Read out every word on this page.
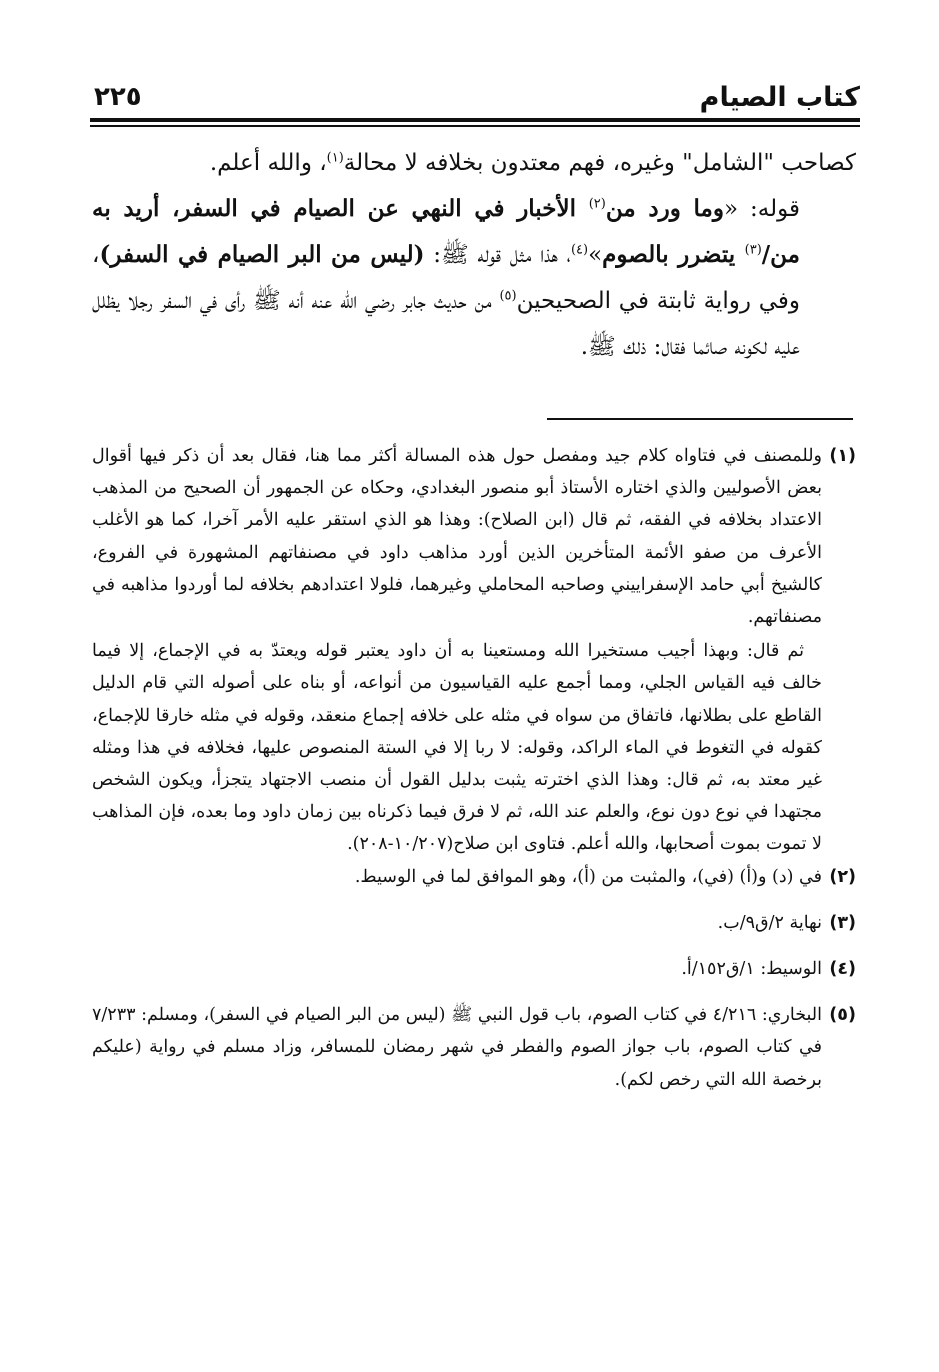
كتاب الصيام
٢٢٥

كصاحب "الشامل" وغيره، فهم معتدون بخلافه لا محالة$^{(١)}$، والله أعلم.

قوله: «وما ورد من$^{(٢)}$ الأخبار في النهي عن الصيام في السفر، أريد به من/$^{(٣)}$ يتضرر بالصوم»$^{(٤)}$، هذا مثل قوله ﷺ: (ليس من البر الصيام في السفر)، وفي رواية ثابتة في الصحيحين$^{(٥)}$ من حديث جابر رضي الله عنه أنه ﷺ رأى في السفر رجلا يظلل عليه لكونه صائما فقال: ذلك ﷺ.

(١)وللمصنف في فتاواه كلام جيد ومفصل حول هذه المسالة أكثر مما هنا، فقال بعد أن ذكر فيها أقوال بعض الأصوليين والذي اختاره الأستاذ أبو منصور البغدادي، وحكاه عن الجمهور أن الصحيح من المذهب الاعتداد بخلافه في الفقه، ثم قال (ابن الصلاح): وهذا هو الذي استقر عليه الأمر آخرا، كما هو الأغلب الأعرف من صفو الأئمة المتأخرين الذين أورد مذاهب داود في مصنفاتهم المشهورة في الفروع، كالشيخ أبي حامد الإسفراييني وصاحبه المحاملي وغيرهما، فلولا اعتدادهم بخلافه لما أوردوا مذاهبه في مصنفاتهم.

ثم قال: وبهذا أجيب مستخيرا الله ومستعينا به أن داود يعتبر قوله ويعتدّ به في الإجماع، إلا فيما خالف فيه القياس الجلي، ومما أجمع عليه القياسيون من أنواعه، أو بناه على أصوله التي قام الدليل القاطع على بطلانها، فاتفاق من سواه في مثله على خلافه إجماع منعقد، وقوله في مثله خارقا للإجماع، كقوله في التغوط في الماء الراكد، وقوله: لا ربا إلا في الستة المنصوص عليها، فخلافه في هذا ومثله غير معتد به، ثم قال: وهذا الذي اخترته يثبت بدليل القول أن منصب الاجتهاد يتجزأ، ويكون الشخص مجتهدا في نوع دون نوع، والعلم عند الله، ثم لا فرق فيما ذكرناه بين زمان داود وما بعده، فإن المذاهب لا تموت بموت أصحابها، والله أعلم. فتاوى ابن صلاح(١٠/٢٠٧-٢٠٨).

(٢)في (د) و(أ) (في)، والمثبت من (أ)، وهو الموافق لما في الوسيط.

(٣)نهاية ٢/ق٩/ب.

(٤)الوسيط: ١/ق١٥٢/أ.

(٥)البخاري: ٤/٢١٦ في كتاب الصوم، باب قول النبي ﷺ (ليس من البر الصيام في السفر)، ومسلم: ٧/٢٣٣ في كتاب الصوم، باب جواز الصوم والفطر في شهر رمضان للمسافر، وزاد مسلم في رواية (عليكم برخصة الله التي رخص لكم).
